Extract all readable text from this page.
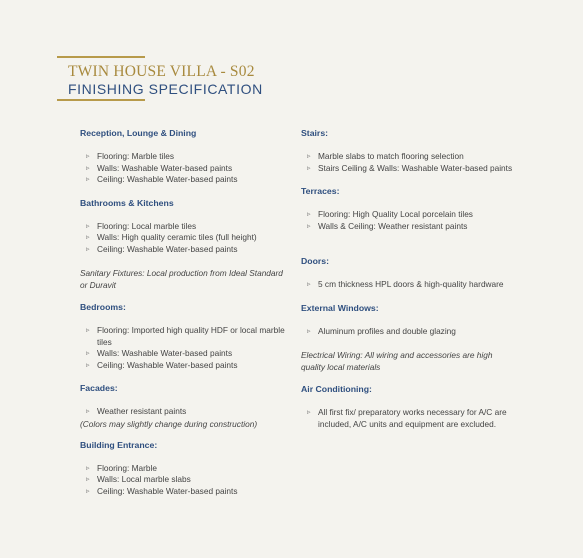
TWIN HOUSE VILLA - S02
FINISHING SPECIFICATION
Reception, Lounge & Dining
▹ Flooring: Marble tiles
▹ Walls: Washable Water-based paints
▹ Ceiling: Washable Water-based paints
Bathrooms & Kitchens
▹ Flooring: Local marble tiles
▹ Walls: High quality ceramic tiles (full height)
▹ Ceiling: Washable Water-based paints
Sanitary Fixtures: Local production from Ideal Standard or Duravit
Bedrooms:
▹ Flooring: Imported high quality HDF or local marble tiles
▹ Walls: Washable Water-based paints
▹ Ceiling: Washable Water-based paints
Facades:
▹ Weather resistant paints
(Colors may slightly change during construction)
Building Entrance:
▹ Flooring: Marble
▹ Walls: Local marble slabs
▹ Ceiling: Washable Water-based paints
Stairs:
▹ Marble slabs to match flooring selection
▹ Stairs Ceiling & Walls: Washable Water-based paints
Terraces:
▹ Flooring: High Quality Local porcelain tiles
▹ Walls & Ceiling: Weather resistant paints
Doors:
▹ 5 cm thickness HPL doors & high-quality hardware
External Windows:
▹ Aluminum profiles and double glazing
Electrical Wiring: All wiring and accessories are high quality local materials
Air Conditioning:
▹ All first fix/ preparatory works necessary for A/C are included, A/C units and equipment are excluded.
